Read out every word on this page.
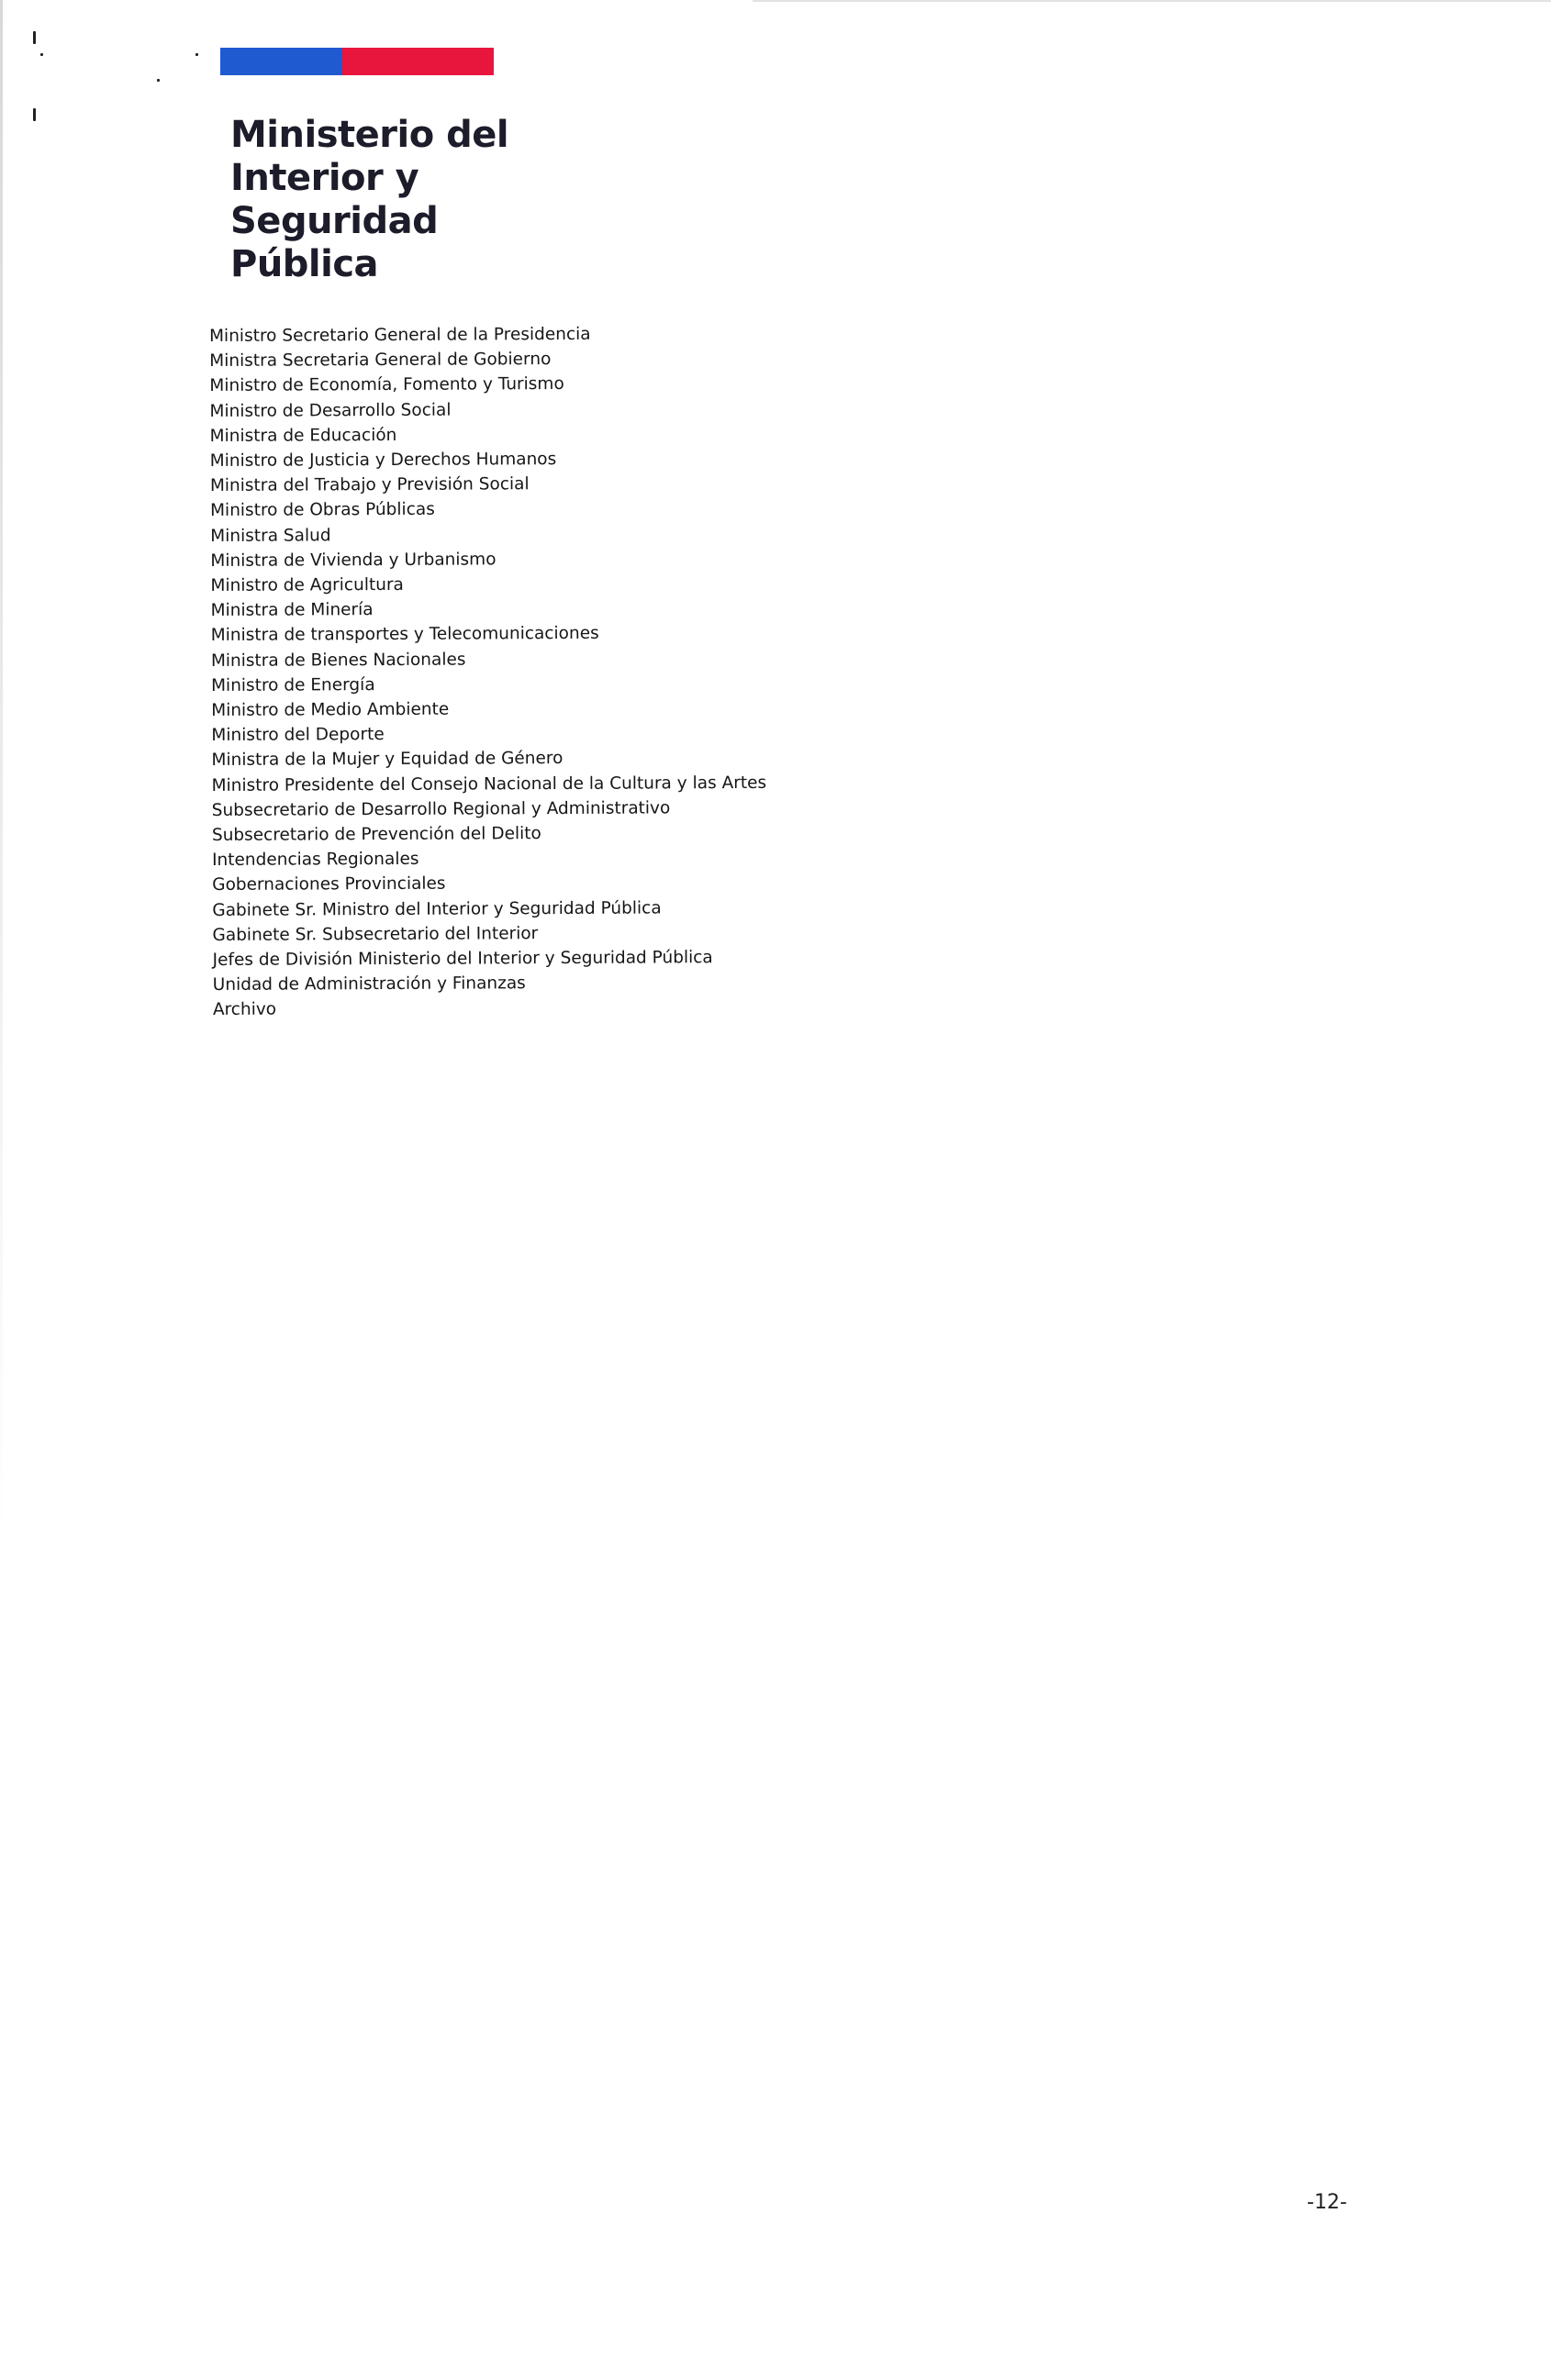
Ministerio del
Interior y
Seguridad
Pública
Ministro Secretario General de la Presidencia
Ministra Secretaria General de Gobierno
Ministro de Economía, Fomento y Turismo
Ministro de Desarrollo Social
Ministra de Educación
Ministro de Justicia y Derechos Humanos
Ministra del Trabajo y Previsión Social
Ministro de Obras Públicas
Ministra Salud
Ministra de Vivienda y Urbanismo
Ministro de Agricultura
Ministra de Minería
Ministra de transportes y Telecomunicaciones
Ministra de Bienes Nacionales
Ministro de Energía
Ministro de Medio Ambiente
Ministro del Deporte
Ministra de la Mujer y Equidad de Género
Ministro Presidente del Consejo Nacional de la Cultura y las Artes
Subsecretario de Desarrollo Regional y Administrativo
Subsecretario de Prevención del Delito
Intendencias Regionales
Gobernaciones Provinciales
Gabinete Sr. Ministro del Interior y Seguridad Pública
Gabinete Sr. Subsecretario del Interior
Jefes de División Ministerio del Interior y Seguridad Pública
Unidad de Administración y Finanzas
Archivo
-12-
